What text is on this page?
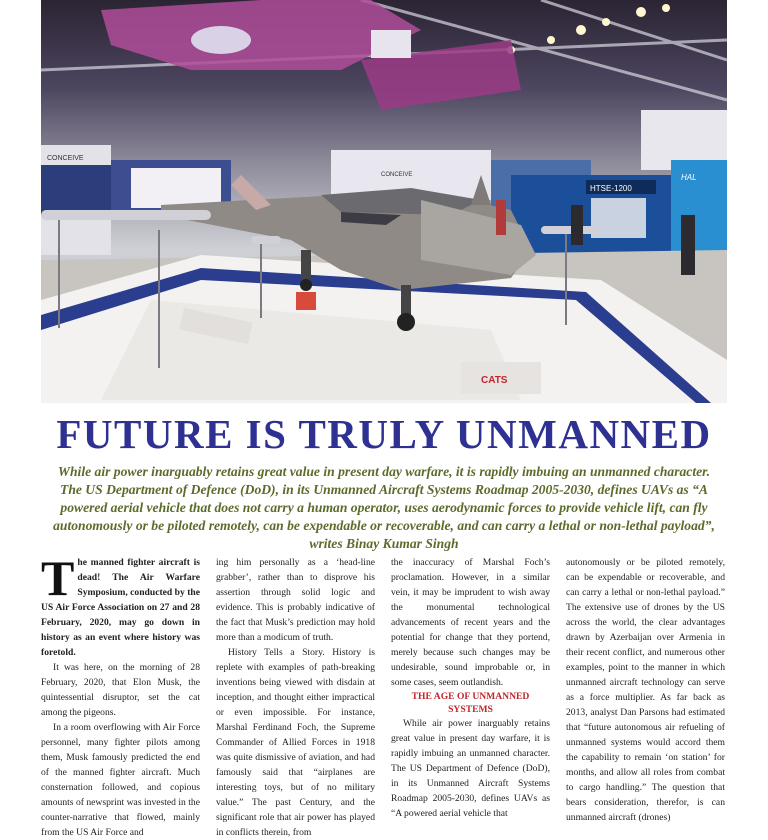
CONCEIVE
CONCEIVE
HTSE-1200
HAL
CATS
FUTURE IS TRULY UNMANNED

While air power inarguably retains great value in present day warfare, it is rapidly imbuing an unmanned character. The US Department of Defence (DoD), in its Unmanned Aircraft Systems Roadmap 2005-2030, defines UAVs as “A powered aerial vehicle that does not carry a human operator, uses aerodynamic forces to provide vehicle lift, can fly autonomously or be piloted remotely, can be expendable or recoverable, and can carry a lethal or non-lethal payload”, writes Binay Kumar Singh

The manned fighter aircraft is dead! The Air Warfare Symposium, conducted by the US Air Force Association on 27 and 28 February, 2020, may go down in history as an event where history was foretold.

It was here, on the morning of 28 February, 2020, that Elon Musk, the quintessential disruptor, set the cat among the pigeons.

In a room overflowing with Air Force personnel, many fighter pilots among them, Musk famously predicted the end of the manned fighter aircraft. Much consternation followed, and copious amounts of newsprint was invested in the counter-narrative that flowed, mainly from the US Air Force and

ing him personally as a ‘head-line grabber’, rather than to disprove his assertion through solid logic and evidence. This is probably indicative of the fact that Musk’s prediction may hold more than a modicum of truth.

History Tells a Story. History is replete with examples of path-breaking inventions being viewed with disdain at inception, and thought either impractical or even impossible. For instance, Marshal Ferdinand Foch, the Supreme Commander of Allied Forces in 1918 was quite dismissive of aviation, and had famously said that “airplanes are interesting toys, but of no military value.” The past Century, and the significant role that air power has played in conflicts therein, from

the inaccuracy of Marshal Foch’s proclamation. However, in a similar vein, it may be imprudent to wish away the monumental technological advancements of recent years and the potential for change that they portend, merely because such changes may be undesirable, sound improbable or, in some cases, seem outlandish.

THE AGE OF UNMANNED SYSTEMS

While air power inarguably retains great value in present day warfare, it is rapidly imbuing an unmanned character. The US Department of Defence (DoD), in its Unmanned Aircraft Systems Roadmap 2005-2030, defines UAVs as “A powered aerial vehicle that

autonomously or be piloted remotely, can be expendable or recoverable, and can carry a lethal or non-lethal payload.” The extensive use of drones by the US across the world, the clear advantages drawn by Azerbaijan over Armenia in their recent conflict, and numerous other examples, point to the manner in which unmanned aircraft technology can serve as a force multiplier. As far back as 2013, analyst Dan Parsons had estimated that “future autonomous air refueling of unmanned systems would accord them the capability to remain ‘on station’ for months, and allow all roles from combat to cargo handling.” The question that bears consideration, therefor, is can unmanned aircraft (drones)
